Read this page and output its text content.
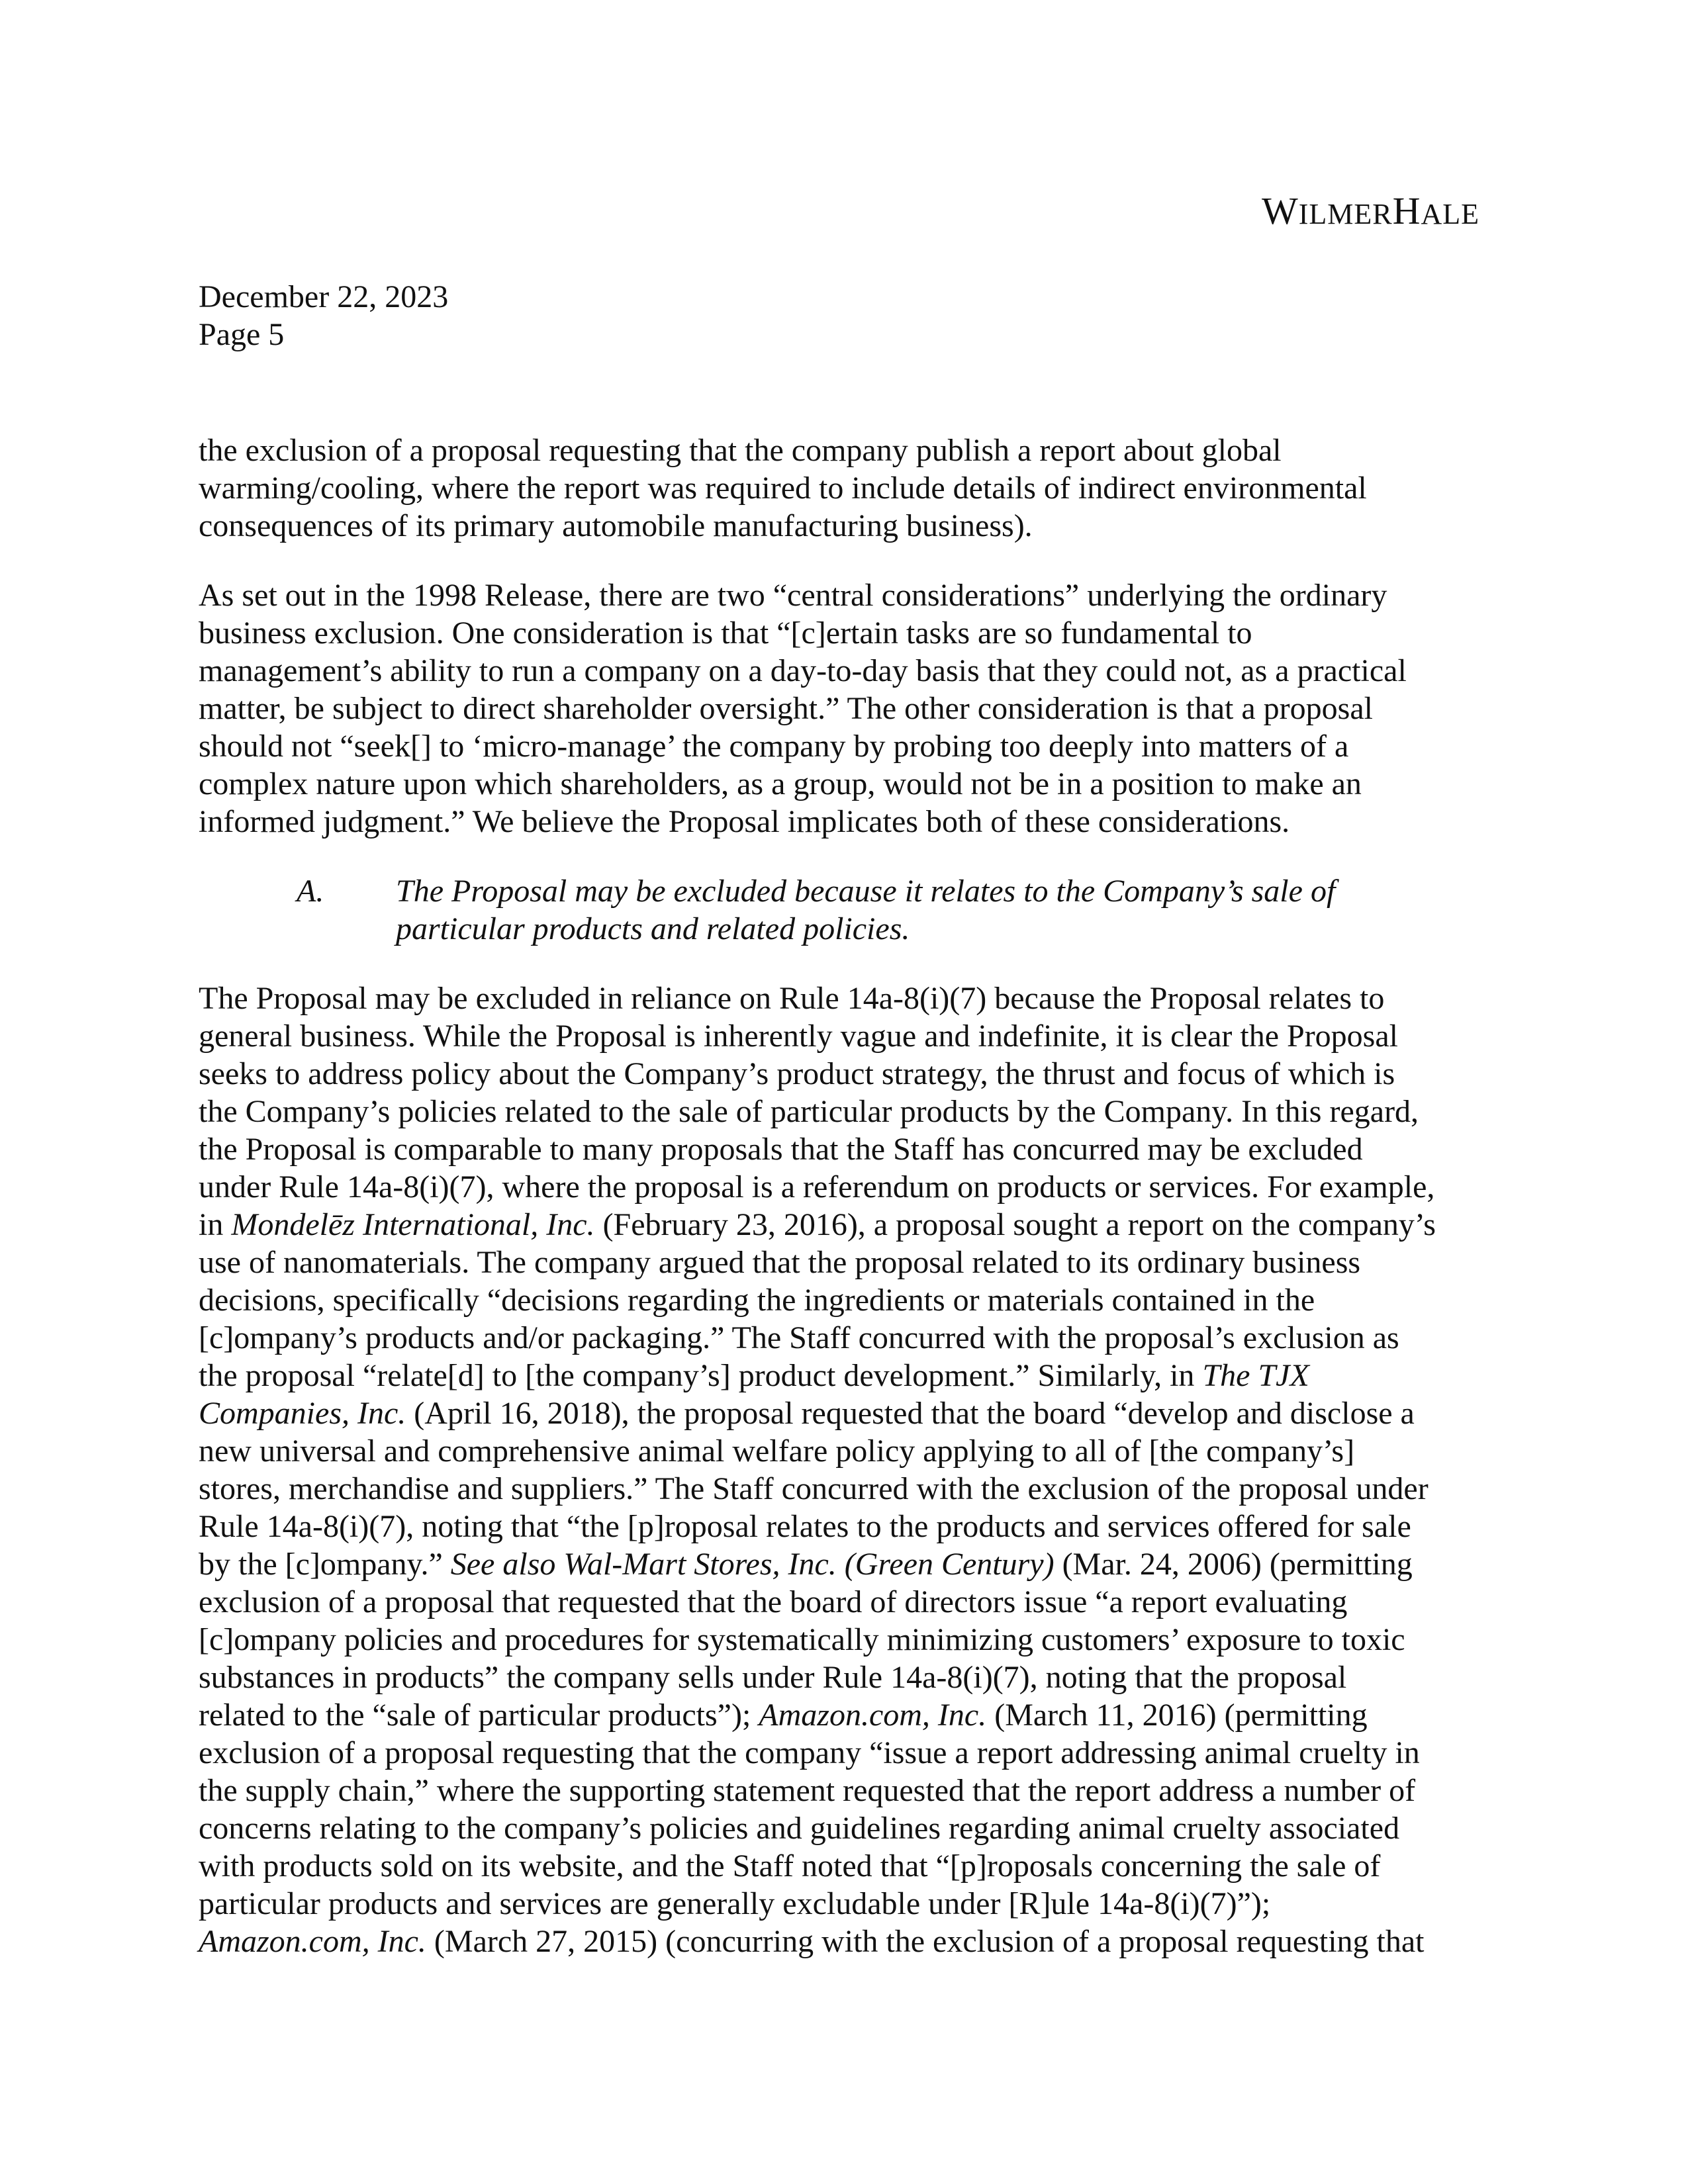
WILMERHALE
December 22, 2023
Page 5
the exclusion of a proposal requesting that the company publish a report about global
warming/cooling, where the report was required to include details of indirect environmental
consequences of its primary automobile manufacturing business).
As set out in the 1998 Release, there are two “central considerations” underlying the ordinary
business exclusion. One consideration is that “[c]ertain tasks are so fundamental to
management’s ability to run a company on a day-to-day basis that they could not, as a practical
matter, be subject to direct shareholder oversight.” The other consideration is that a proposal
should not “seek[] to ‘micro-manage’ the company by probing too deeply into matters of a
complex nature upon which shareholders, as a group, would not be in a position to make an
informed judgment.” We believe the Proposal implicates both of these considerations.
A.	The Proposal may be excluded because it relates to the Company’s sale of
particular products and related policies.
The Proposal may be excluded in reliance on Rule 14a-8(i)(7) because the Proposal relates to
general business. While the Proposal is inherently vague and indefinite, it is clear the Proposal
seeks to address policy about the Company’s product strategy, the thrust and focus of which is
the Company’s policies related to the sale of particular products by the Company. In this regard,
the Proposal is comparable to many proposals that the Staff has concurred may be excluded
under Rule 14a-8(i)(7), where the proposal is a referendum on products or services. For example,
in Mondelēz International, Inc. (February 23, 2016), a proposal sought a report on the company’s
use of nanomaterials. The company argued that the proposal related to its ordinary business
decisions, specifically “decisions regarding the ingredients or materials contained in the
[c]ompany’s products and/or packaging.” The Staff concurred with the proposal’s exclusion as
the proposal “relate[d] to [the company’s] product development.” Similarly, in The TJX
Companies, Inc. (April 16, 2018), the proposal requested that the board “develop and disclose a
new universal and comprehensive animal welfare policy applying to all of [the company’s]
stores, merchandise and suppliers.” The Staff concurred with the exclusion of the proposal under
Rule 14a-8(i)(7), noting that “the [p]roposal relates to the products and services offered for sale
by the [c]ompany.” See also Wal-Mart Stores, Inc. (Green Century) (Mar. 24, 2006) (permitting
exclusion of a proposal that requested that the board of directors issue “a report evaluating
[c]ompany policies and procedures for systematically minimizing customers’ exposure to toxic
substances in products” the company sells under Rule 14a-8(i)(7), noting that the proposal
related to the “sale of particular products”); Amazon.com, Inc. (March 11, 2016) (permitting
exclusion of a proposal requesting that the company “issue a report addressing animal cruelty in
the supply chain,” where the supporting statement requested that the report address a number of
concerns relating to the company’s policies and guidelines regarding animal cruelty associated
with products sold on its website, and the Staff noted that “[p]roposals concerning the sale of
particular products and services are generally excludable under [R]ule 14a-8(i)(7)”);
Amazon.com, Inc. (March 27, 2015) (concurring with the exclusion of a proposal requesting that
